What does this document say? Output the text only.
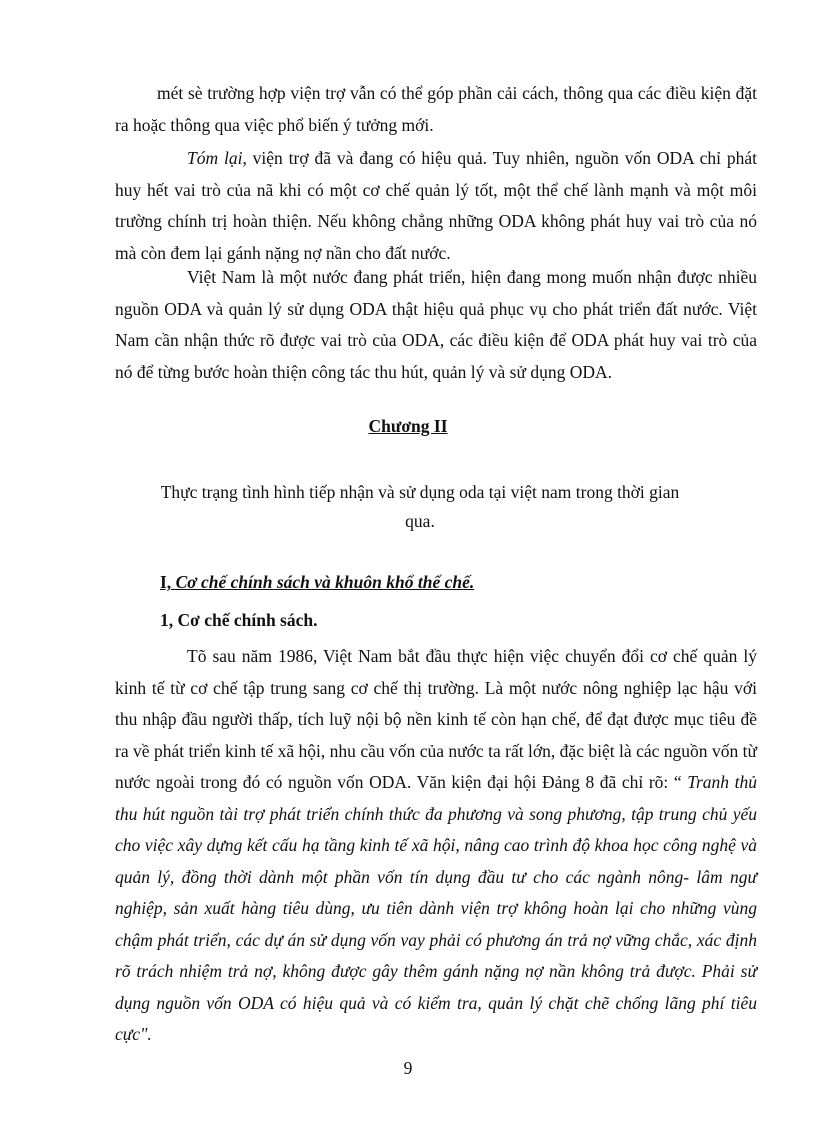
mét sè trường hợp viện trợ vẫn có thể góp phần cải cách, thông qua các điều kiện đặt ra hoặc thông qua việc phổ biến ý tưởng mới.

Tóm lại, viện trợ đã và đang có hiệu quả. Tuy nhiên, nguồn vốn ODA chỉ phát huy hết vai trò của nã khi có một cơ chế quản lý tốt, một thể chế lành mạnh và một môi trường chính trị hoàn thiện. Nếu không chẳng những ODA không phát huy vai trò của nó mà còn đem lại gánh nặng nợ nần cho đất nước.

Việt Nam là một nước đang phát triển, hiện đang mong muốn nhận được nhiều nguồn ODA và quản lý sử dụng ODA thật hiệu quả phục vụ cho phát triển đất nước. Việt Nam cần nhận thức rõ được vai trò của ODA, các điều kiện để ODA phát huy vai trò của nó để từng bước hoàn thiện công tác thu hút, quản lý và sử dụng ODA.

Chương II
Thực trạng tình hình tiếp nhận và sử dụng oda tại việt nam trong thời gian qua.
I, Cơ chế chính sách và khuôn khổ thể chế.
1, Cơ chế chính sách.

Tõ sau năm 1986, Việt Nam bắt đầu thực hiện việc chuyển đổi cơ chế quản lý kinh tế từ cơ chế tập trung sang cơ chế thị trường. Là một nước nông nghiệp lạc hậu với thu nhập đầu người thấp, tích luỹ nội bộ nền kinh tế còn hạn chế, để đạt được mục tiêu đề ra về phát triển kinh tế xã hội, nhu cầu vốn của nước ta rất lớn, đặc biệt là các nguồn vốn từ nước ngoài trong đó có nguồn vốn ODA. Văn kiện đại hội Đảng 8 đã chỉ rõ: “ Tranh thủ thu hút nguồn tài trợ phát triển chính thức đa phương và song phương, tập trung chủ yếu cho việc xây dựng kết cấu hạ tầng kinh tế xã hội, nâng cao trình độ khoa học công nghệ và quản lý, đồng thời dành một phần vốn tín dụng đầu tư cho các ngành nông- lâm ngư nghiệp, sản xuất hàng tiêu dùng, ưu tiên dành viện trợ không hoàn lại cho những vùng chậm phát triển, các dự án sử dụng vốn vay phải có phương án trả nợ vững chắc, xác định rõ trách nhiệm trả nợ, không được gây thêm gánh nặng nợ nần không trả được. Phải sử dụng nguồn vốn ODA có hiệu quả và có kiểm tra, quản lý chặt chẽ chống lãng phí tiêu cực".

9
